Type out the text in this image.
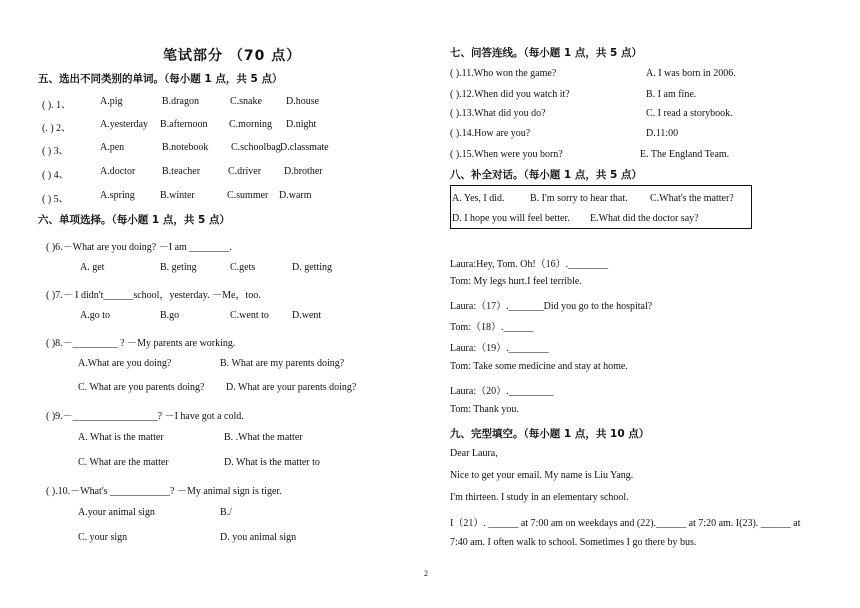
笔试部分 （70 点）
五、选出不同类别的单词。（每小题 1 点，共 5 点）
( ). 1、	A.pig	B.dragon	C.snake D.house
(. ) 2、	A.yesterday B.afternoon C.morning D.night
( ) 3、	A.pen	B.notebook C.schoolbag D.classmate
( ) 4、	A.doctor	B.teacher	C.driver D.brother
( ) 5、	A.spring	B.winter	C.summer D.warm
六、单项选择。（每小题 1 点，共 5 点）
( )6.－What are you doing? －I am ________.
A. get	B. geting	C.gets	D. getting
( )7.－ I didn't______school，yesterday. －Me，too.
A.go to	B.go	C.went to D.went
( )8.－_________ ? －My parents are working.
A.What are you doing?	B. What are my parents doing?
C. What are you parents doing? D. What are your parents doing?
( )9.－_________________? －I have got a cold.
A. What is the matter	B. .What the matter
C. What are the matter	D. What is the matter to
( ).10.－What's ____________? －My animal sign is tiger.
A.your animal sign	B./
C. your sign	D. you animal sign
七、问答连线。（每小题 1 点，共 5 点）
( ).11.Who won the game?	A. I was born in 2006.
( ).12.When did you watch it?	B. I am fine.
( ).13.What did you do?	C. I read a storybook.
( ).14.How are you?	D.11:00
( ).15.When were you born?	E. The England Team.
八、补全对话。（每小题 1 点，共 5 点）
A. Yes, I did.	B. I'm sorry to hear that. C.What's the matter?
D. I hope you will feel better. E.What did the doctor say?
Laura:Hey, Tom. Oh!（16）.________
Tom: My legs hurt.I feel terrible.
Laura:（17）._______Did you go to the hospital?
Tom:（18）.______
Laura:（19）.________
Tom: Take some medicine and stay at home.
Laura:（20）._________
Tom: Thank you.
九、完型填空。（每小题 1 点，共 10 点）
Dear Laura,
Nice to get your email. My name is Liu Yang.
I'm thirteen. I study in an elementary school.
I（21）. ______ at 7:00 am on weekdays and (22).______ at 7:20 am. I(23). ______ at
7:40 am. I often walk to school. Sometimes I go there by bus.
2
